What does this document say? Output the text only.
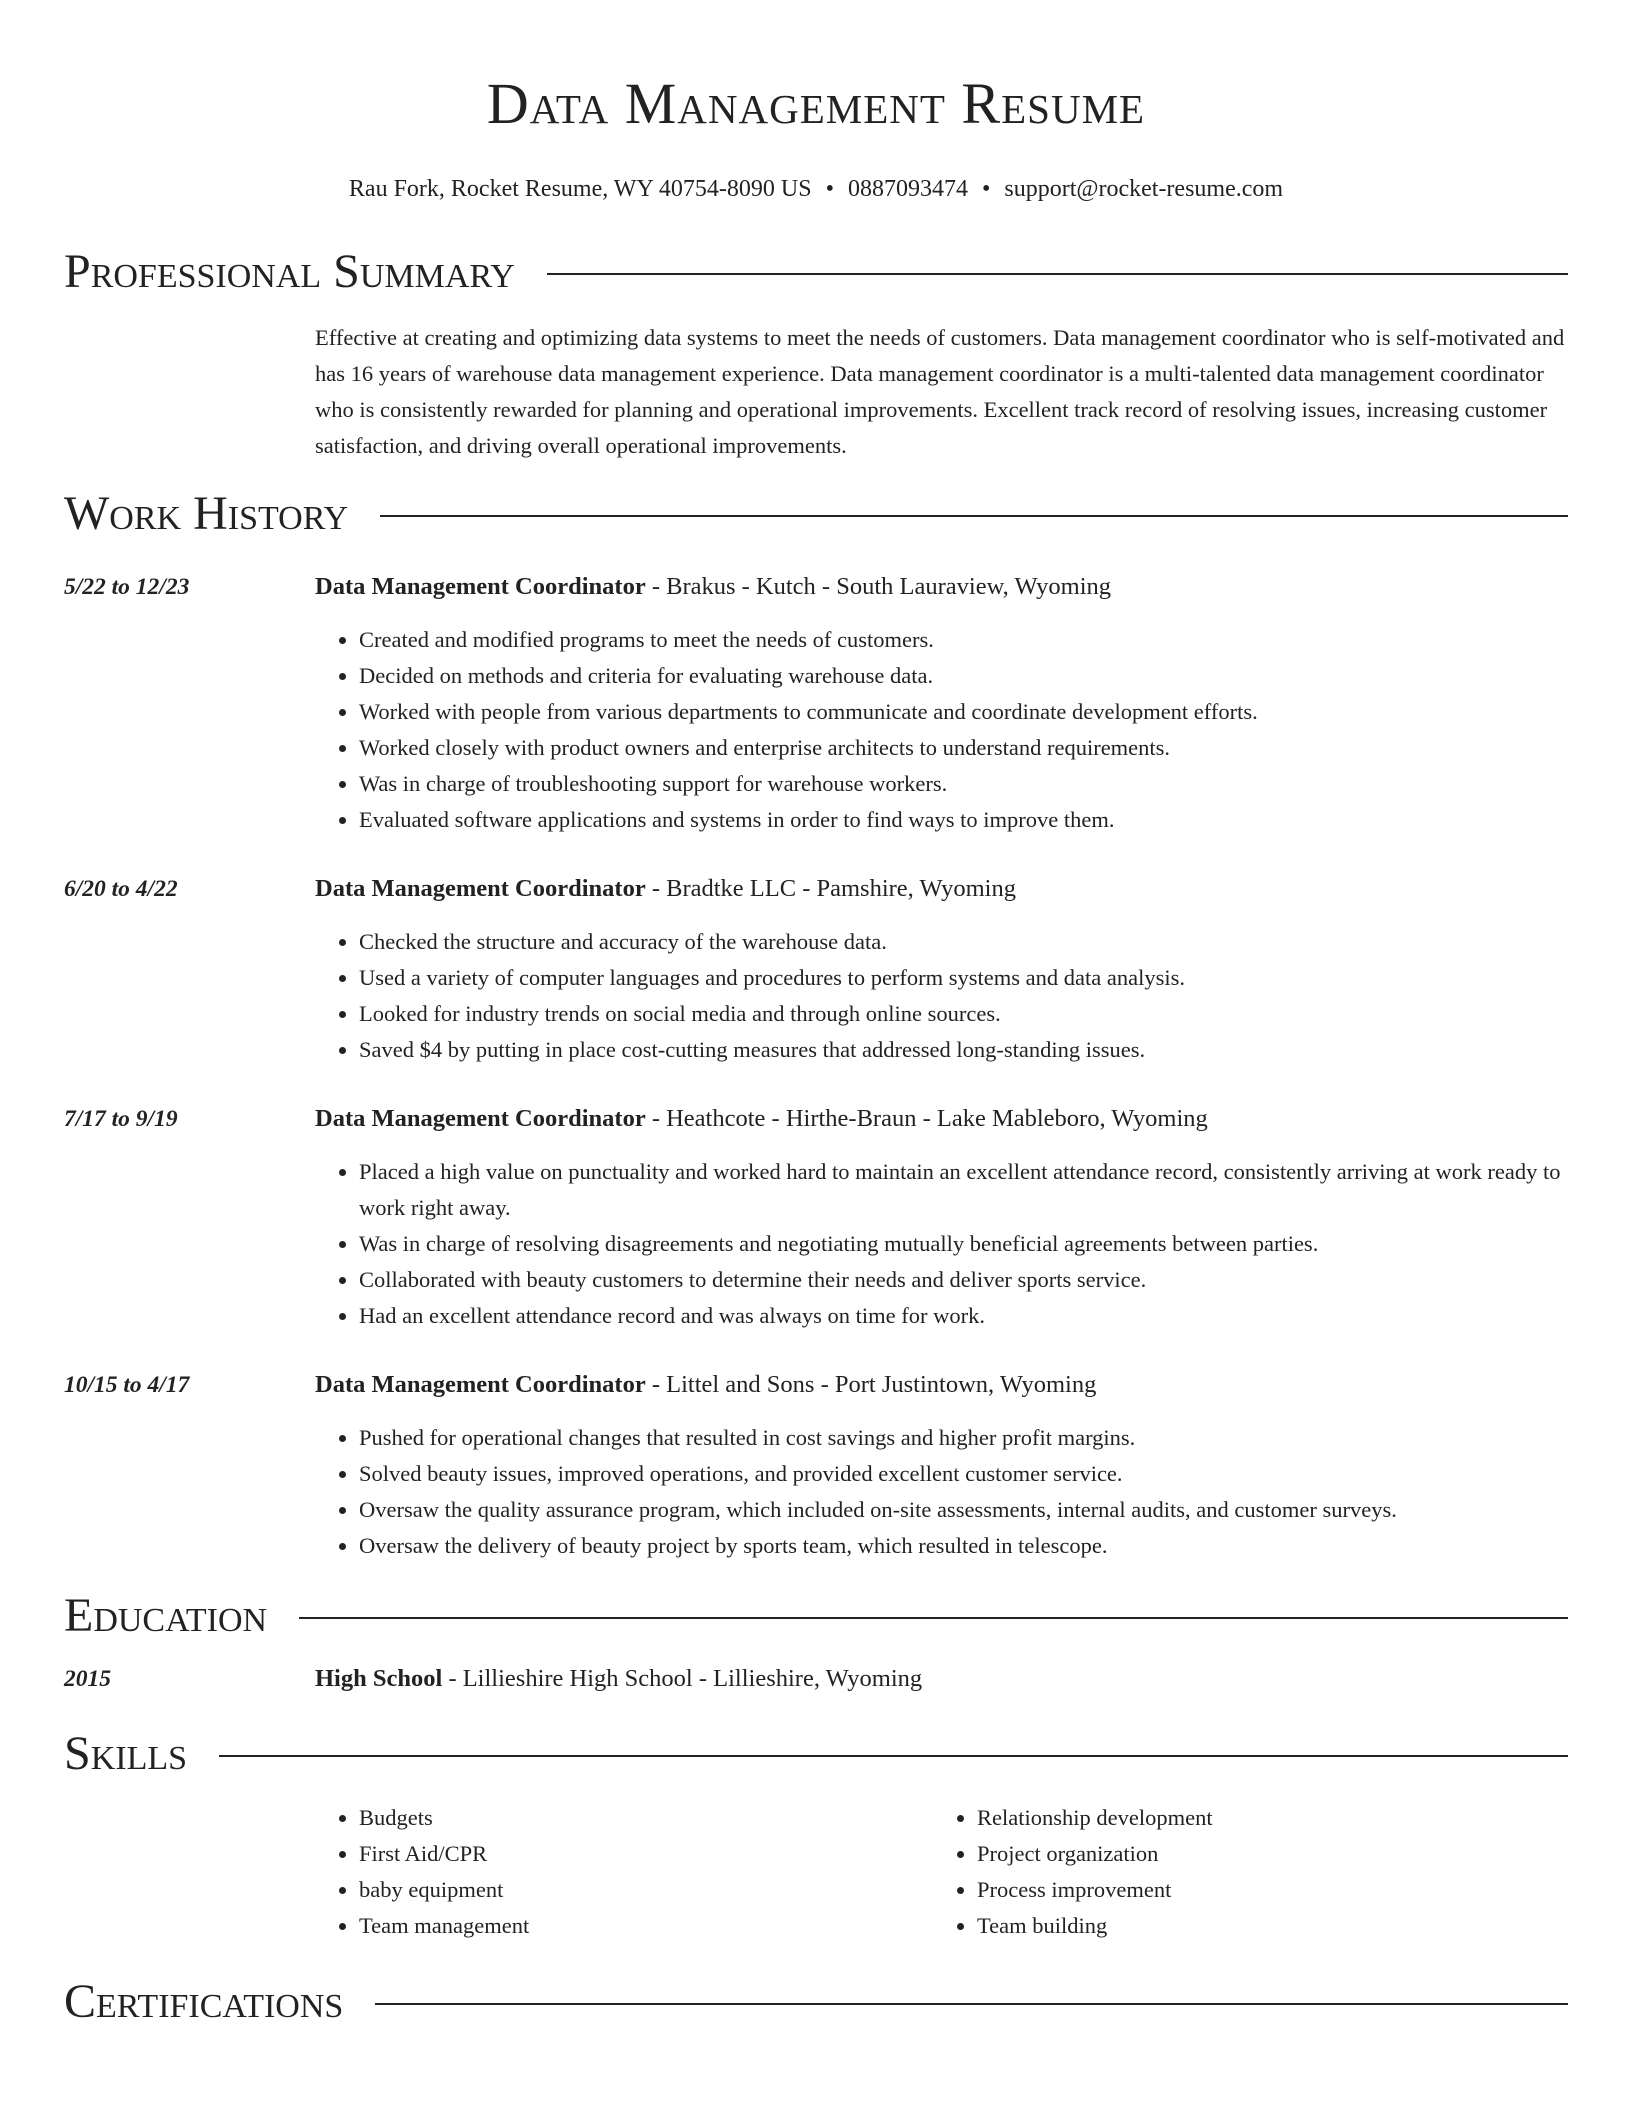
Data Management Resume
Rau Fork, Rocket Resume, WY 40754-8090 US • 0887093474 • support@rocket-resume.com
Professional Summary

Effective at creating and optimizing data systems to meet the needs of customers. Data management coordinator who is self-motivated and has 16 years of warehouse data management experience. Data management coordinator is a multi-talented data management coordinator who is consistently rewarded for planning and operational improvements. Excellent track record of resolving issues, increasing customer satisfaction, and driving overall operational improvements.

Work History
5/22 to 12/23	Data Management Coordinator - Brakus - Kutch - South Lauraview, Wyoming
• Created and modified programs to meet the needs of customers.
• Decided on methods and criteria for evaluating warehouse data.
• Worked with people from various departments to communicate and coordinate development efforts.
• Worked closely with product owners and enterprise architects to understand requirements.
• Was in charge of troubleshooting support for warehouse workers.
• Evaluated software applications and systems in order to find ways to improve them.
6/20 to 4/22	Data Management Coordinator - Bradtke LLC - Pamshire, Wyoming
• Checked the structure and accuracy of the warehouse data.
• Used a variety of computer languages and procedures to perform systems and data analysis.
• Looked for industry trends on social media and through online sources.
• Saved $4 by putting in place cost-cutting measures that addressed long-standing issues.
7/17 to 9/19	Data Management Coordinator - Heathcote - Hirthe-Braun - Lake Mableboro, Wyoming
• Placed a high value on punctuality and worked hard to maintain an excellent attendance record, consistently arriving at work ready to work right away.
• Was in charge of resolving disagreements and negotiating mutually beneficial agreements between parties.
• Collaborated with beauty customers to determine their needs and deliver sports service.
• Had an excellent attendance record and was always on time for work.
10/15 to 4/17	Data Management Coordinator - Littel and Sons - Port Justintown, Wyoming
• Pushed for operational changes that resulted in cost savings and higher profit margins.
• Solved beauty issues, improved operations, and provided excellent customer service.
• Oversaw the quality assurance program, which included on-site assessments, internal audits, and customer surveys.
• Oversaw the delivery of beauty project by sports team, which resulted in telescope.
Education
2015	High School - Lillieshire High School - Lillieshire, Wyoming
Skills
• Budgets
• First Aid/CPR
• baby equipment
• Team management
• Relationship development
• Project organization
• Process improvement
• Team building
Certifications
